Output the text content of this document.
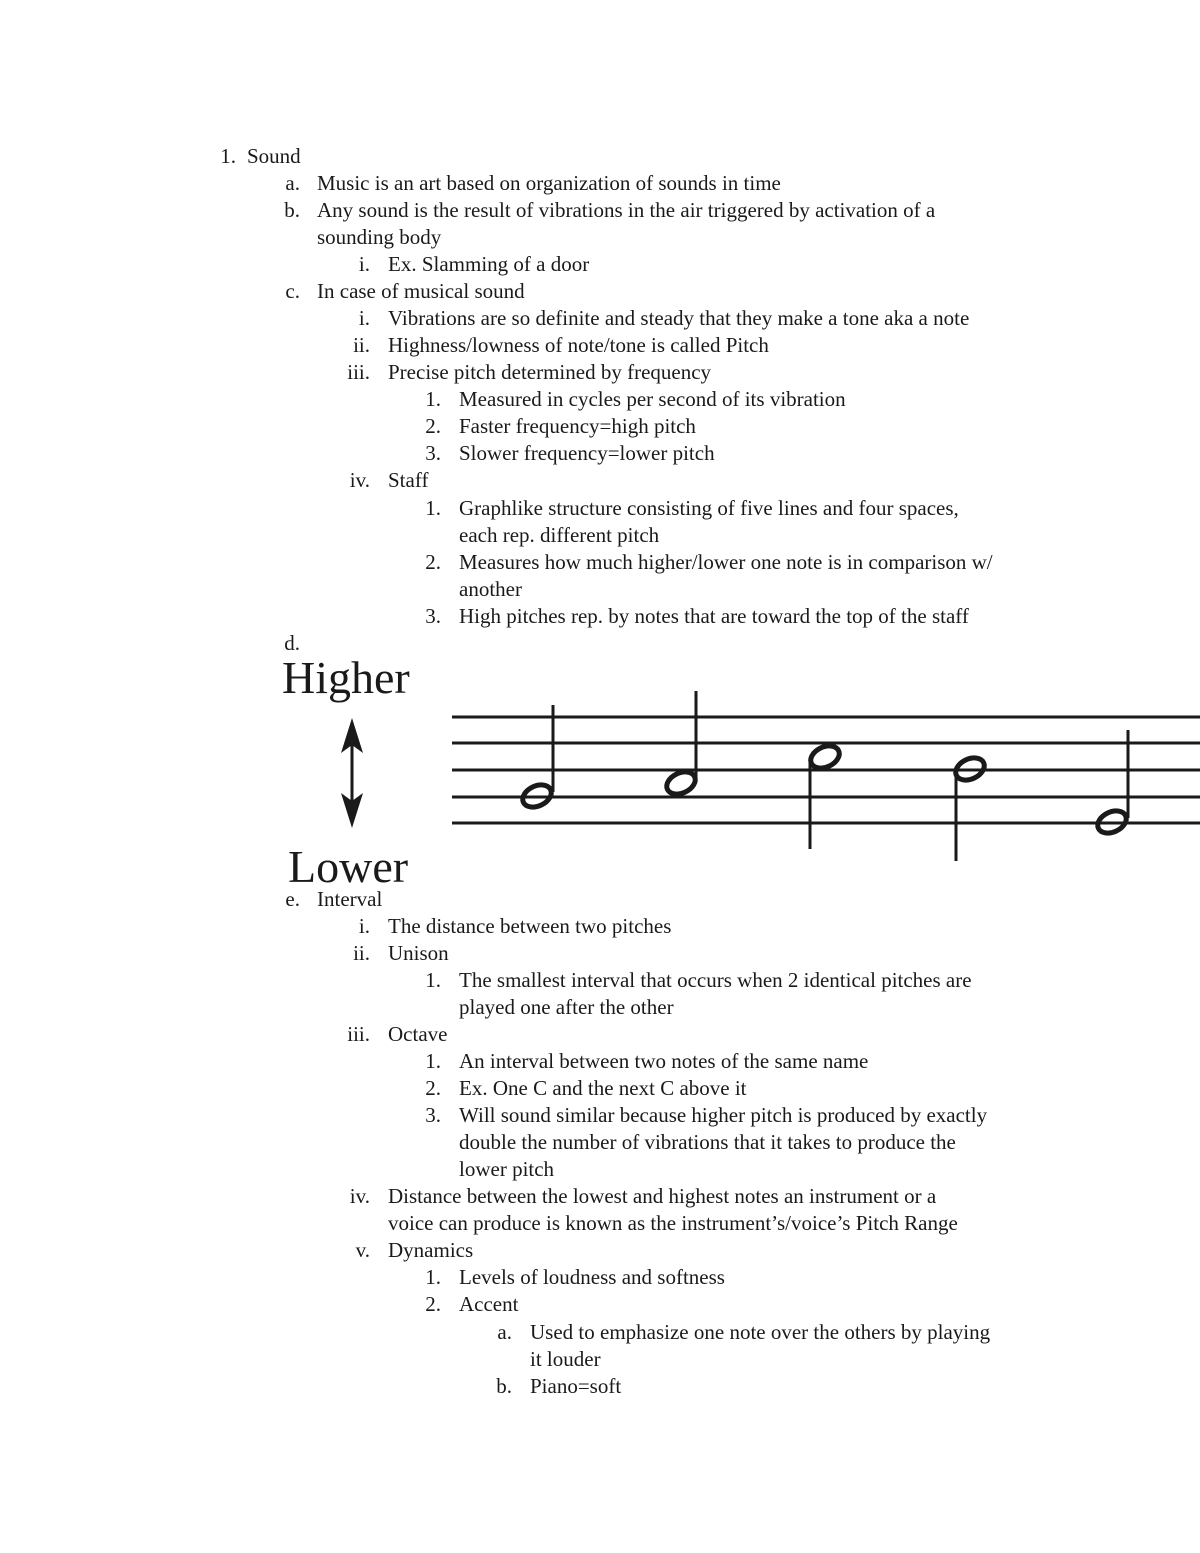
1. Sound
a. Music is an art based on organization of sounds in time
b. Any sound is the result of vibrations in the air triggered by activation of a
sounding body
i. Ex. Slamming of a door
c. In case of musical sound
i. Vibrations are so definite and steady that they make a tone aka a note
ii. Highness/lowness of note/tone is called Pitch
iii. Precise pitch determined by frequency
1. Measured in cycles per second of its vibration
2. Faster frequency=high pitch
3. Slower frequency=lower pitch
iv. Staff
1. Graphlike structure consisting of five lines and four spaces,
each rep. different pitch
2. Measures how much higher/lower one note is in comparison w/
another
3. High pitches rep. by notes that are toward the top of the staff
d.
e. Interval
i. The distance between two pitches
ii. Unison
1. The smallest interval that occurs when 2 identical pitches are
played one after the other
iii. Octave
1. An interval between two notes of the same name
2. Ex. One C and the next C above it
3. Will sound similar because higher pitch is produced by exactly
double the number of vibrations that it takes to produce the
lower pitch
iv. Distance between the lowest and highest notes an instrument or a
voice can produce is known as the instrument’s/voice’s Pitch Range
v. Dynamics
1. Levels of loudness and softness
2. Accent
a. Used to emphasize one note over the others by playing
it louder
b. Piano=soft
Higher
Lower
